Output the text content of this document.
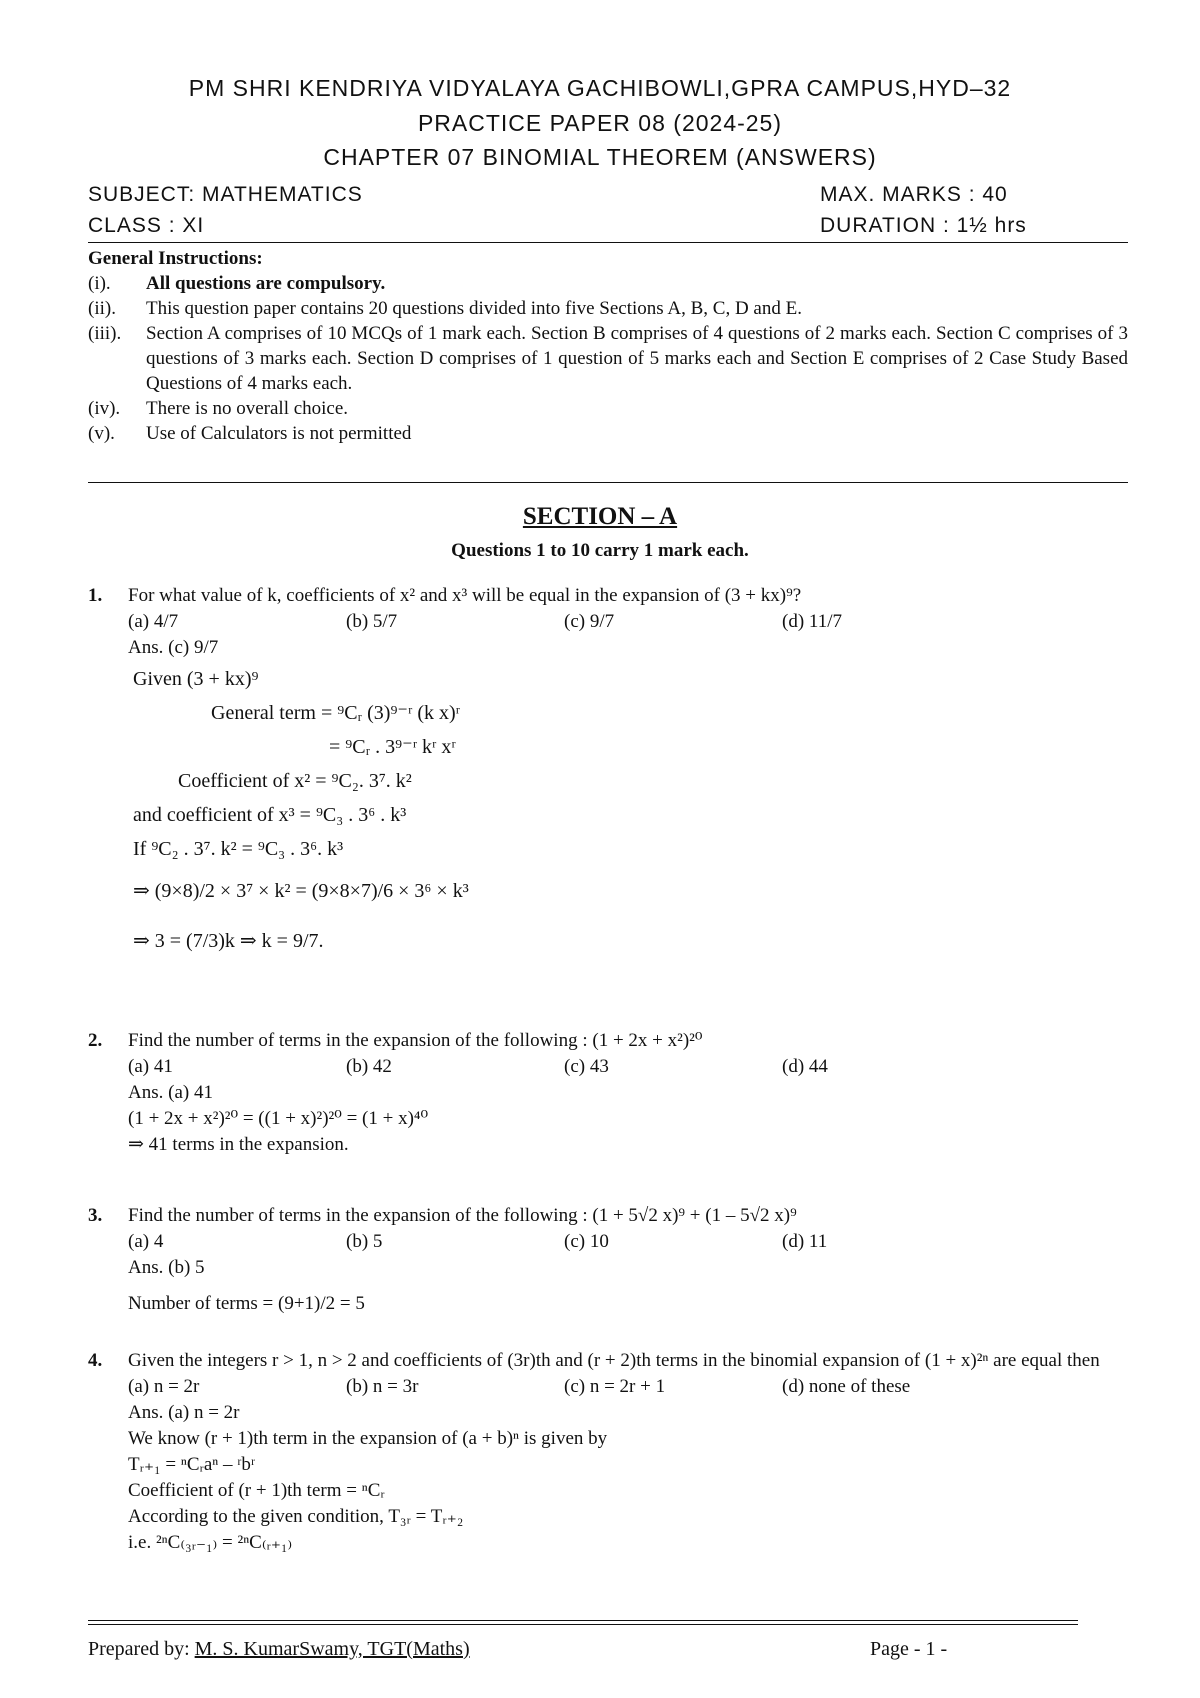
PM SHRI KENDRIYA VIDYALAYA GACHIBOWLI,GPRA CAMPUS,HYD–32
PRACTICE PAPER 08 (2024-25)
CHAPTER 07 BINOMIAL THEOREM (ANSWERS)
SUBJECT: MATHEMATICS	MAX. MARKS : 40
CLASS : XI	DURATION : 1½ hrs
General Instructions:
(i).	All questions are compulsory.
(ii).	This question paper contains 20 questions divided into five Sections A, B, C, D and E.
(iii).	Section A comprises of 10 MCQs of 1 mark each. Section B comprises of 4 questions of 2 marks each. Section C comprises of 3 questions of 3 marks each. Section D comprises of 1 question of 5 marks each and Section E comprises of 2 Case Study Based Questions of 4 marks each.
(iv).	There is no overall choice.
(v).	Use of Calculators is not permitted
SECTION – A
Questions 1 to 10 carry 1 mark each.
1. For what value of k, coefficients of x² and x³ will be equal in the expansion of (3 + kx)⁹?
(a) 4/7	(b) 5/7	(c) 9/7	(d) 11/7
Ans. (c) 9/7
Given (3 + kx)⁹
General term = ⁹Cᵣ (3)⁹⁻ʳ (k x)ʳ
= ⁹Cᵣ . 3⁹⁻ʳ kʳ xʳ
Coefficient of x² = ⁹C₂. 3⁷. k²
and coefficient of x³ = ⁹C₃ . 3⁶ . k³
If ⁹C₂ . 3⁷. k² = ⁹C₃ . 3⁶. k³
⇒ (9×8)/2 × 3⁷ × k² = (9×8×7)/6 × 3⁶ × k³
⇒ 3 = (7/3)k ⇒ k = 9/7.
2. Find the number of terms in the expansion of the following : (1 + 2x + x²)²⁰
(a) 41	(b) 42	(c) 43	(d) 44
Ans. (a) 41
(1 + 2x + x²)²⁰ = ((1 + x)²)²⁰ = (1 + x)⁴⁰
⇒ 41 terms in the expansion.
3. Find the number of terms in the expansion of the following : (1 + 5√2 x)⁹ + (1 – 5√2 x)⁹
(a) 4	(b) 5	(c) 10	(d) 11
Ans. (b) 5
Number of terms = (9+1)/2 = 5
4. Given the integers r > 1, n > 2 and coefficients of (3r)th and (r + 2)th terms in the binomial expansion of (1 + x)²ⁿ are equal then
(a) n = 2r	(b) n = 3r	(c) n = 2r + 1	(d) none of these
Ans. (a) n = 2r
We know (r + 1)th term in the expansion of (a + b)ⁿ is given by
Tᵣ₊₁ = ⁿCᵣaⁿ – ʳbʳ
Coefficient of (r + 1)th term = ⁿCᵣ
According to the given condition, T₃ᵣ = Tᵣ₊₂
i.e. ²ⁿC₍₃ᵣ₋₁₎ = ²ⁿC₍ᵣ₊₁₎
Prepared by: M. S. KumarSwamy, TGT(Maths)	Page - 1 -
